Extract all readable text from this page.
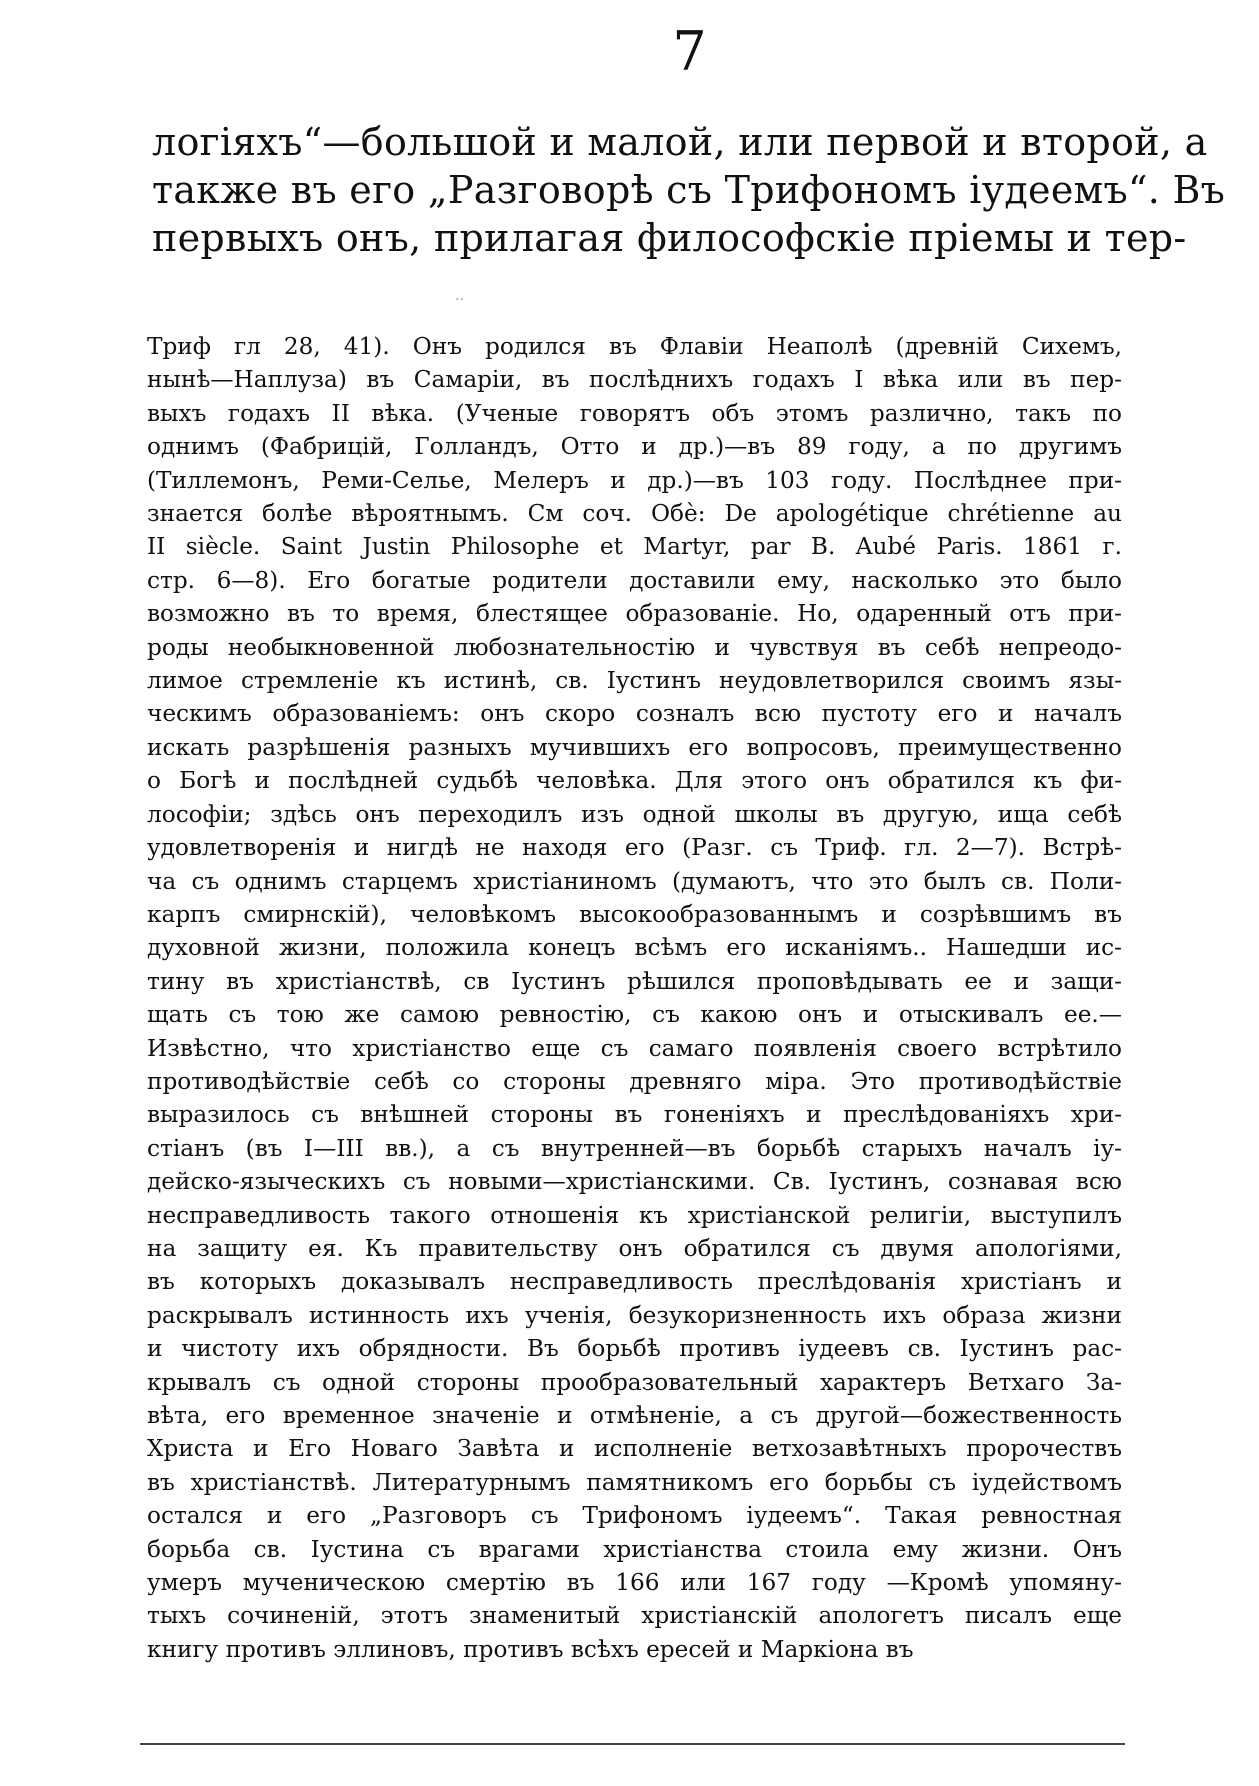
7
логіяхъ“—большой и малой, или первой и второй, а
также въ его „Разговорѣ съ Трифономъ іудеемъ“. Въ
первыхъ онъ, прилагая философскіе пріемы и тер-
..
Триф гл 28, 41). Онъ родился въ Флавіи Неаполѣ (древній Сихемъ,
нынѣ—Наплуза) въ Самаріи, въ послѣднихъ годахъ I вѣка или въ пер-
выхъ годахъ II вѣка. (Ученые говорятъ объ этомъ различно, такъ по
однимъ (Фабрицій, Голландъ, Отто и др.)—въ 89 году, а по другимъ
(Тиллемонъ, Реми-Селье, Мелеръ и др.)—въ 103 году. Послѣднее при-
знается болѣе вѣроятнымъ. См соч. Обѐ: De apologétique chrétienne au
II siècle. Saint Justin Philosophe et Martyr, par B. Aubé Paris. 1861 г.
стр. 6—8). Его богатые родители доставили ему, насколько это было
возможно въ то время, блестящее образованіе. Но, одаренный отъ при-
роды необыкновенной любознательностію и чувствуя въ себѣ непреодо-
лимое стремленіе къ истинѣ, св. Іустинъ неудовлетворился своимъ язы-
ческимъ образованіемъ: онъ скоро созналъ всю пустоту его и началъ
искать разрѣшенія разныхъ мучившихъ его вопросовъ, преимущественно
о Богѣ и послѣдней судьбѣ человѣка. Для этого онъ обратился къ фи-
лософіи; здѣсь онъ переходилъ изъ одной школы въ другую, ища себѣ
удовлетворенія и нигдѣ не находя его (Разг. съ Триф. гл. 2—7). Встрѣ-
ча съ однимъ старцемъ христіаниномъ (думаютъ, что это былъ св. Поли-
карпъ смирнскій), человѣкомъ высокообразованнымъ и созрѣвшимъ въ
духовной жизни, положила конецъ всѣмъ его исканіямъ.. Нашедши ис-
тину въ христіанствѣ, св Іустинъ рѣшился проповѣдывать ее и защи-
щать съ тою же самою ревностію, съ какою онъ и отыскивалъ ее.—
Извѣстно, что христіанство еще съ самаго появленія своего встрѣтило
противодѣйствіе себѣ со стороны древняго міра. Это противодѣйствіе
выразилось съ внѣшней стороны въ гоненіяхъ и преслѣдованіяхъ хри-
стіанъ (въ I—III вв.), а съ внутренней—въ борьбѣ старыхъ началъ іу-
дейско-языческихъ съ новыми—христіанскими. Св. Іустинъ, сознавая всю
несправедливость такого отношенія къ христіанской религіи, выступилъ
на защиту ея. Къ правительству онъ обратился съ двумя апологіями,
въ которыхъ доказывалъ несправедливость преслѣдованія христіанъ и
раскрывалъ истинность ихъ ученія, безукоризненность ихъ образа жизни
и чистоту ихъ обрядности. Въ борьбѣ противъ іудеевъ св. Іустинъ рас-
крывалъ съ одной стороны прообразовательный характеръ Ветхаго За-
вѣта, его временное значеніе и отмѣненіе, а съ другой—божественность
Христа и Его Новаго Завѣта и исполненіе ветхозавѣтныхъ пророчествъ
въ христіанствѣ. Литературнымъ памятникомъ его борьбы съ іудействомъ
остался и его „Разговоръ съ Трифономъ іудеемъ“. Такая ревностная
борьба св. Іустина съ врагами христіанства стоила ему жизни. Онъ
умеръ мученическою смертію въ 166 или 167 году —Кромѣ упомяну-
тыхъ сочиненій, этотъ знаменитый христіанскій апологетъ писалъ еще
книгу противъ эллиновъ, противъ всѣхъ ересей и Маркіона въ
